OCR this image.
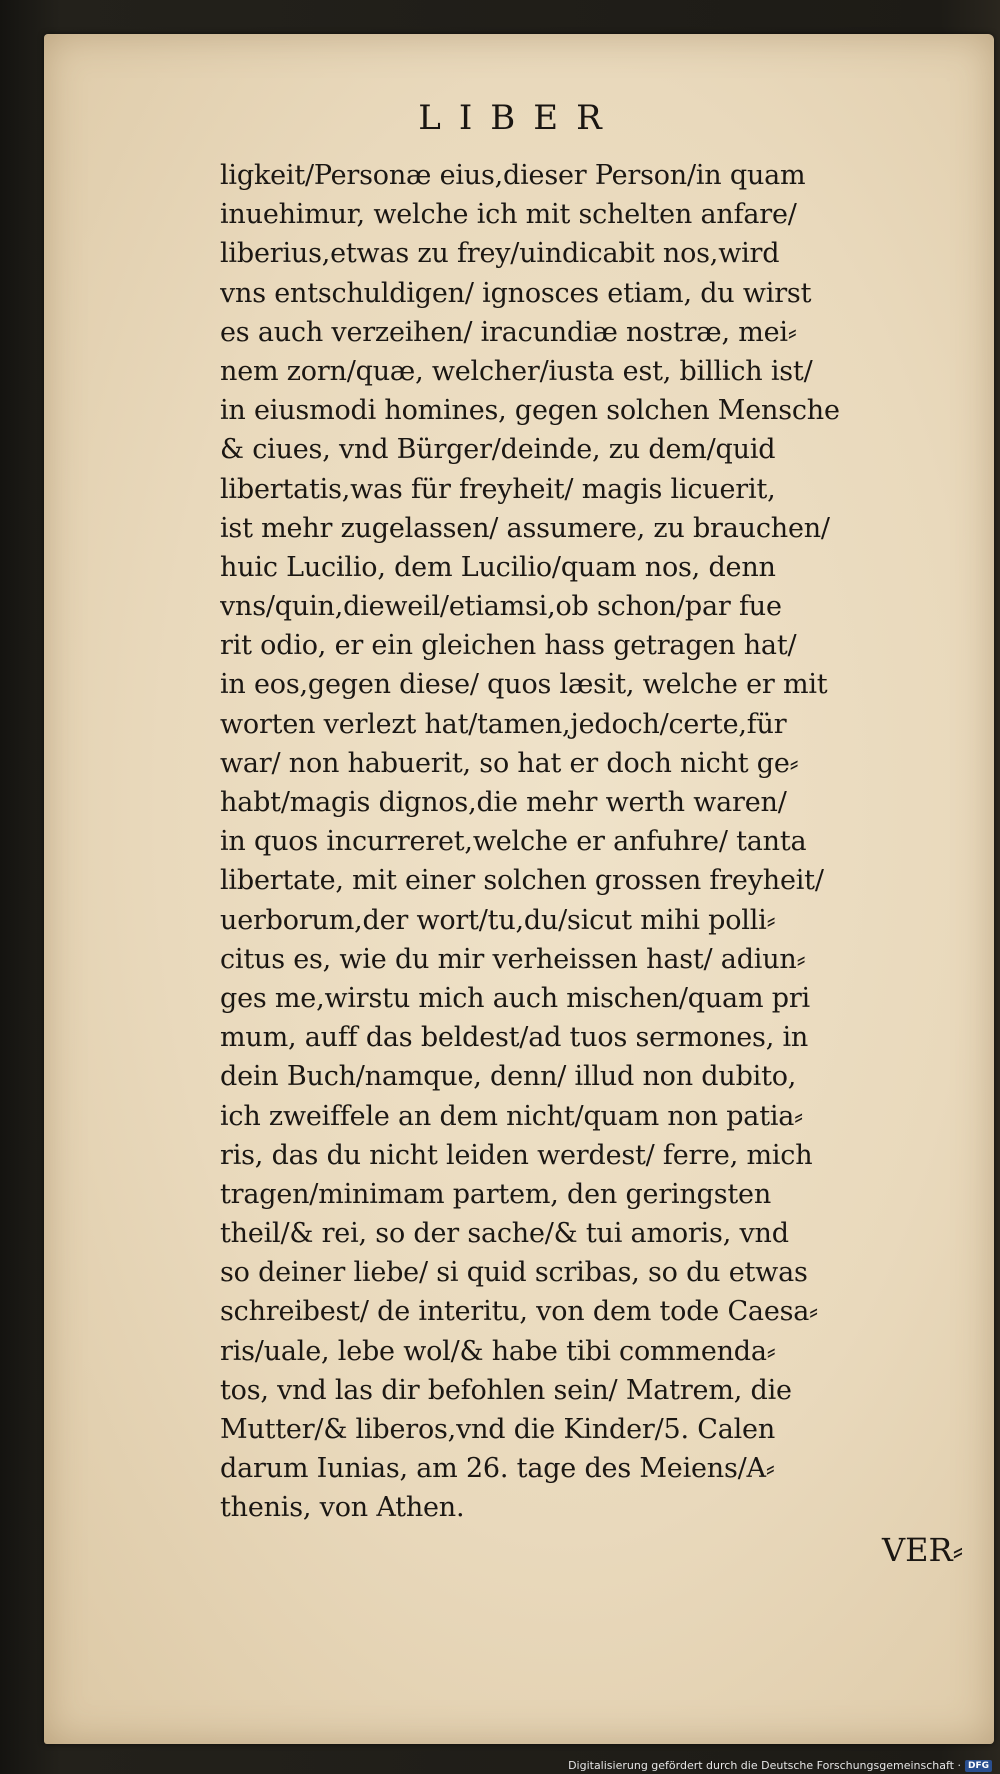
LIBER
ligkeit/Personæ eius,dieser Person/in quam
inuehimur, welche ich mit schelten anfare/
liberius,etwas zu frey/uindicabit nos,wird
vns entschuldigen/ ignosces etiam, du wirst
es auch verzeihen/ iracundiæ nostræ, mei⸗
nem zorn/quæ, welcher/iusta est, billich ist/
in eiusmodi homines, gegen solchen Mensche
& ciues, vnd Bürger/deinde, zu dem/quid
libertatis,was für freyheit/ magis licuerit,
ist mehr zugelassen/ assumere, zu brauchen/
huic Lucilio, dem Lucilio/quam nos, denn
vns/quin,dieweil/etiamsi,ob schon/par fue
rit odio, er ein gleichen hass getragen hat/
in eos,gegen diese/ quos læsit, welche er mit
worten verlezt hat/tamen,jedoch/certe,für
war/ non habuerit, so hat er doch nicht ge⸗
habt/magis dignos,die mehr werth waren/
in quos incurreret,welche er anfuhre/ tanta
libertate, mit einer solchen grossen freyheit/
uerborum,der wort/tu,du/sicut mihi polli⸗
citus es, wie du mir verheissen hast/ adiun⸗
ges me,wirstu mich auch mischen/quam pri
mum, auff das beldest/ad tuos sermones, in
dein Buch/namque, denn/ illud non dubito,
ich zweiffele an dem nicht/quam non patia⸗
ris, das du nicht leiden werdest/ ferre, mich
tragen/minimam partem, den geringsten
theil/& rei, so der sache/& tui amoris, vnd
so deiner liebe/ si quid scribas, so du etwas
schreibest/ de interitu, von dem tode Caesa⸗
ris/uale, lebe wol/& habe tibi commenda⸗
tos, vnd las dir befohlen sein/ Matrem, die
Mutter/& liberos,vnd die Kinder/5. Calen
darum Iunias, am 26. tage des Meiens/A⸗
thenis, von Athen.
VER⸗
Digitalisierung gefördert durch die Deutsche Forschungsgemeinschaft · DFG
